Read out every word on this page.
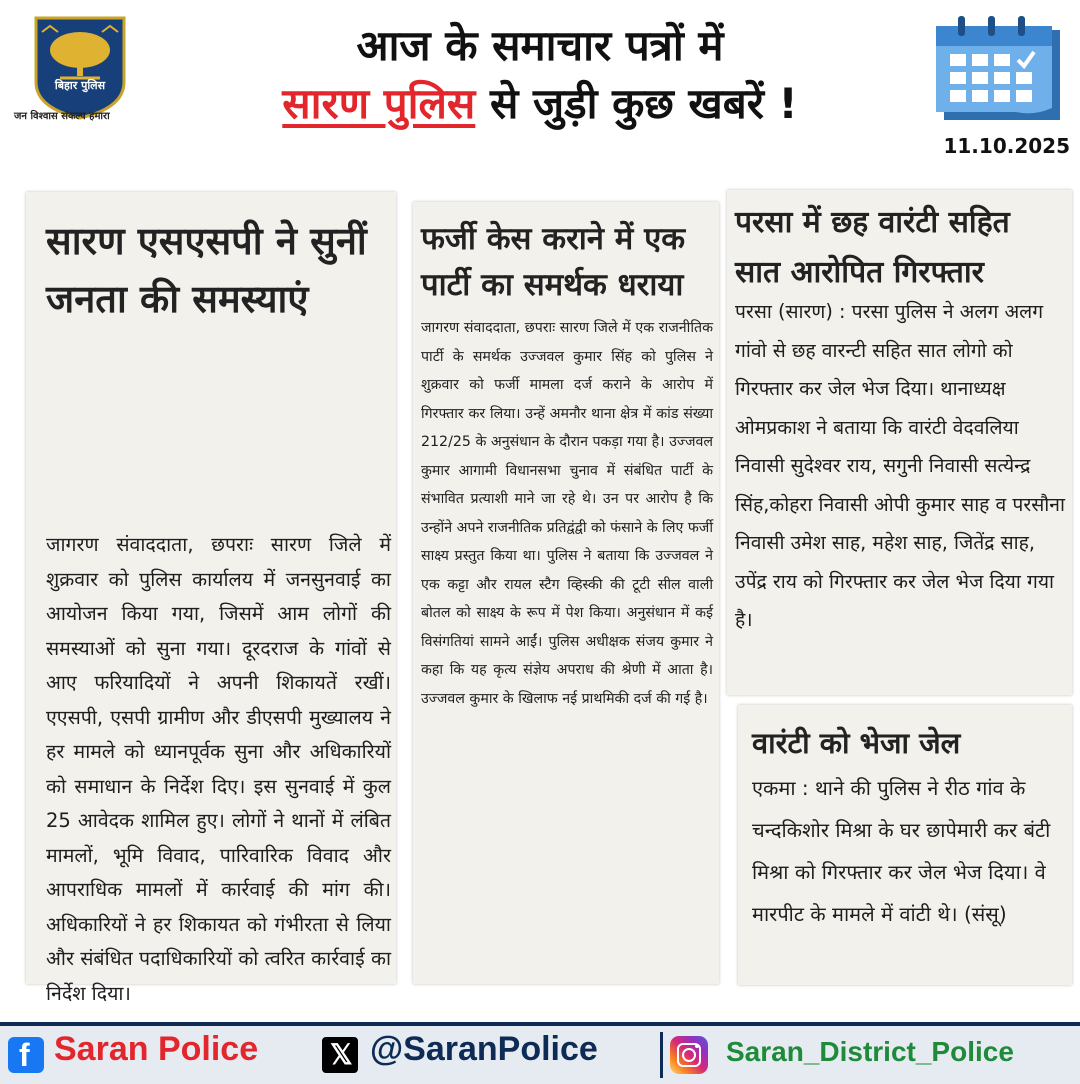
बिहार पुलिस
जन विश्वास संकल्प हमारा
आज के समाचार पत्रों में
सारण पुलिस से जुड़ी कुछ खबरें !
11.10.2025
सारण एसएसपी ने सुनीं जनता की समस्याएं

जागरण संवाददाता, छपराः सारण जिले में शुक्रवार को पुलिस कार्यालय में जनसुनवाई का आयोजन किया गया, जिसमें आम लोगों की समस्याओं को सुना गया। दूरदराज के गांवों से आए फरियादियों ने अपनी शिकायतें रखीं। एएसपी, एसपी ग्रामीण और डीएसपी मुख्यालय ने हर मामले को ध्यानपूर्वक सुना और अधिकारियों को समाधान के निर्देश दिए। इस सुनवाई में कुल 25 आवेदक शामिल हुए। लोगों ने थानों में लंबित मामलों, भूमि विवाद, पारिवारिक विवाद और आपराधिक मामलों में कार्रवाई की मांग की। अधिकारियों ने हर शिकायत को गंभीरता से लिया और संबंधित पदाधिकारियों को त्वरित कार्रवाई का निर्देश दिया।

फर्जी केस कराने में एक पार्टी का समर्थक धराया

जागरण संवाददाता, छपराः सारण जिले में एक राजनीतिक पार्टी के समर्थक उज्जवल कुमार सिंह को पुलिस ने शुक्रवार को फर्जी मामला दर्ज कराने के आरोप में गिरफ्तार कर लिया। उन्हें अमनौर थाना क्षेत्र में कांड संख्या 212/25 के अनुसंधान के दौरान पकड़ा गया है। उज्जवल कुमार आगामी विधानसभा चुनाव में संबंधित पार्टी के संभावित प्रत्याशी माने जा रहे थे। उन पर आरोप है कि उन्होंने अपने राजनीतिक प्रतिद्वंद्वी को फंसाने के लिए फर्जी साक्ष्य प्रस्तुत किया था। पुलिस ने बताया कि उज्जवल ने एक कट्टा और रायल स्टैग व्हिस्की की टूटी सील वाली बोतल को साक्ष्य के रूप में पेश किया। अनुसंधान में कई विसंगतियां सामने आईं। पुलिस अधीक्षक संजय कुमार ने कहा कि यह कृत्य संज्ञेय अपराध की श्रेणी में आता है। उज्जवल कुमार के खिलाफ नई प्राथमिकी दर्ज की गई है।

परसा में छह वारंटी सहित सात आरोपित गिरफ्तार

परसा (सारण) : परसा पुलिस ने अलग अलग गांवो से छह वारन्टी सहित सात लोगो को गिरफ्तार कर जेल भेज दिया। थानाध्यक्ष ओमप्रकाश ने बताया कि वारंटी वेदवलिया निवासी सुदेश्वर राय, सगुनी निवासी सत्येन्द्र सिंह,कोहरा निवासी ओपी कुमार साह व परसौना निवासी उमेश साह, महेश साह, जितेंद्र साह, उपेंद्र राय को गिरफ्तार कर जेल भेज दिया गया है।

वारंटी को भेजा जेल

एकमा : थाने की पुलिस ने रीठ गांव के चन्दकिशोर मिश्रा के घर छापेमारी कर बंटी मिश्रा को गिरफ्तार कर जेल भेज दिया। वे मारपीट के मामले में वांटी थे। (संसू)

f Saran Police	𝕏 @SaranPolice	Saran_District_Police
